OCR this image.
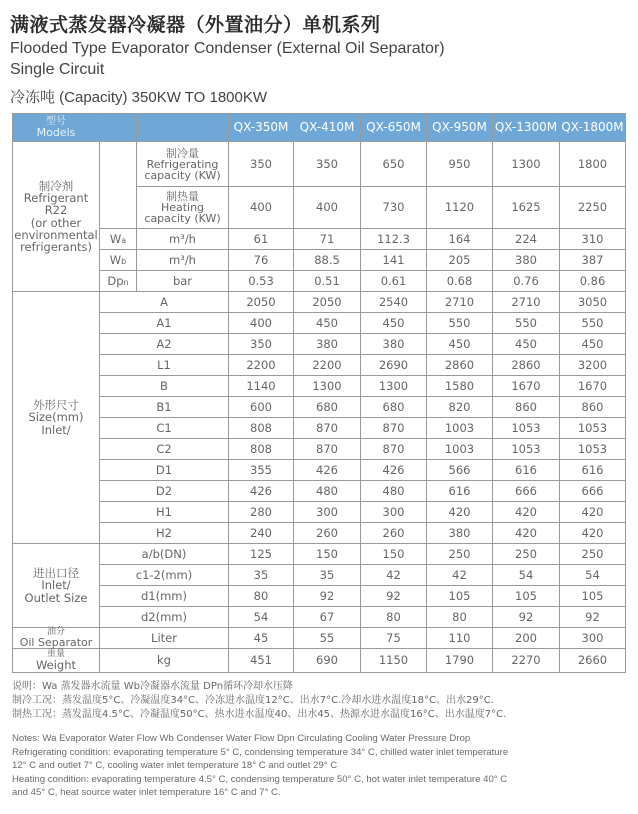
满液式蒸发器冷凝器（外置油分）单机系列
Flooded Type Evaporator Condenser (External Oil Separator)
Single Circuit
冷冻吨 (Capacity) 350KW TO 1800KW
型号
Models			QX-350M	QX-410M	QX-650M	QX-950M	QX-1300M	QX-1800M

制冷剂
Refrigerant
R22
(or other
environmental
refrigerants)

制冷量
Refrigerating
capacity (KW)
	350	350	650	950	1300	1800

		制热量
Heating
capacity (KW)	400	400	730	1120	1625	2250
	Wa	m³/h	61	71	112.3	164	224	310
	Wb	m³/h	76	88.5	141	205	380	387
	Dpn	bar	0.53	0.51	0.61	0.68	0.76	0.86

外形尺寸
Size(mm)
Inlet/	A		2050	2050	2540	2710	2710	3050
	A1		400	450	450	550	550	550
	A2		350	380	380	450	450	450
	L1		2200	2200	2690	2860	2860	3200
	B		1140	1300	1300	1580	1670	1670
	B1		600	680	680	820	860	860
	C1		808	870	870	1003	1053	1053
	C2		808	870	870	1003	1053	1053
	D1		355	426	426	566	616	616
	D2		426	480	480	616	666	666
	H1		280	300	300	420	420	420
	H2		240	260	260	380	420	420

进出口径
Inlet/
Outlet Size	a/b(DN)		125	150	150	250	250	250
	c1-2(mm)		35	35	42	42	54	54
	d1(mm)		80	92	92	105	105	105
	d2(mm)		54	67	80	80	92	92

油分
Oil Separator	Liter		45	55	75	110	200	300

重量
Weight	kg		451	690	1150	1790	2270	2660
说明：Wa 蒸发器水流量 Wb冷凝器水流量 DPn循环冷却水压降
制冷工况：蒸发温度5°C、冷凝温度34°C、冷冻进水温度12°C、出水7°C.冷却水进水温度18°C、出水29°C.
制热工况：蒸发温度4.5°C、冷凝温度50°C、热水进水温度40、出水45、热源水进水温度16°C、出水温度7°C.
Notes: Wa Evaporator Water Flow Wb Condenser Water Flow Dpn Circulating Cooling Water Pressure Drop
Refrigerating condition: evaporating temperature 5° C, condensing temperature 34° C, chilled water inlet temperature
12° C and outlet 7° C, cooling water inlet temperature 18° C and outlet 29° C
Heating condition: evaporating temperature 4.5° C, condensing temperature 50° C, hot water inlet temperature 40° C
and 45° C, heat source water inlet temperature 16° C and 7° C.
